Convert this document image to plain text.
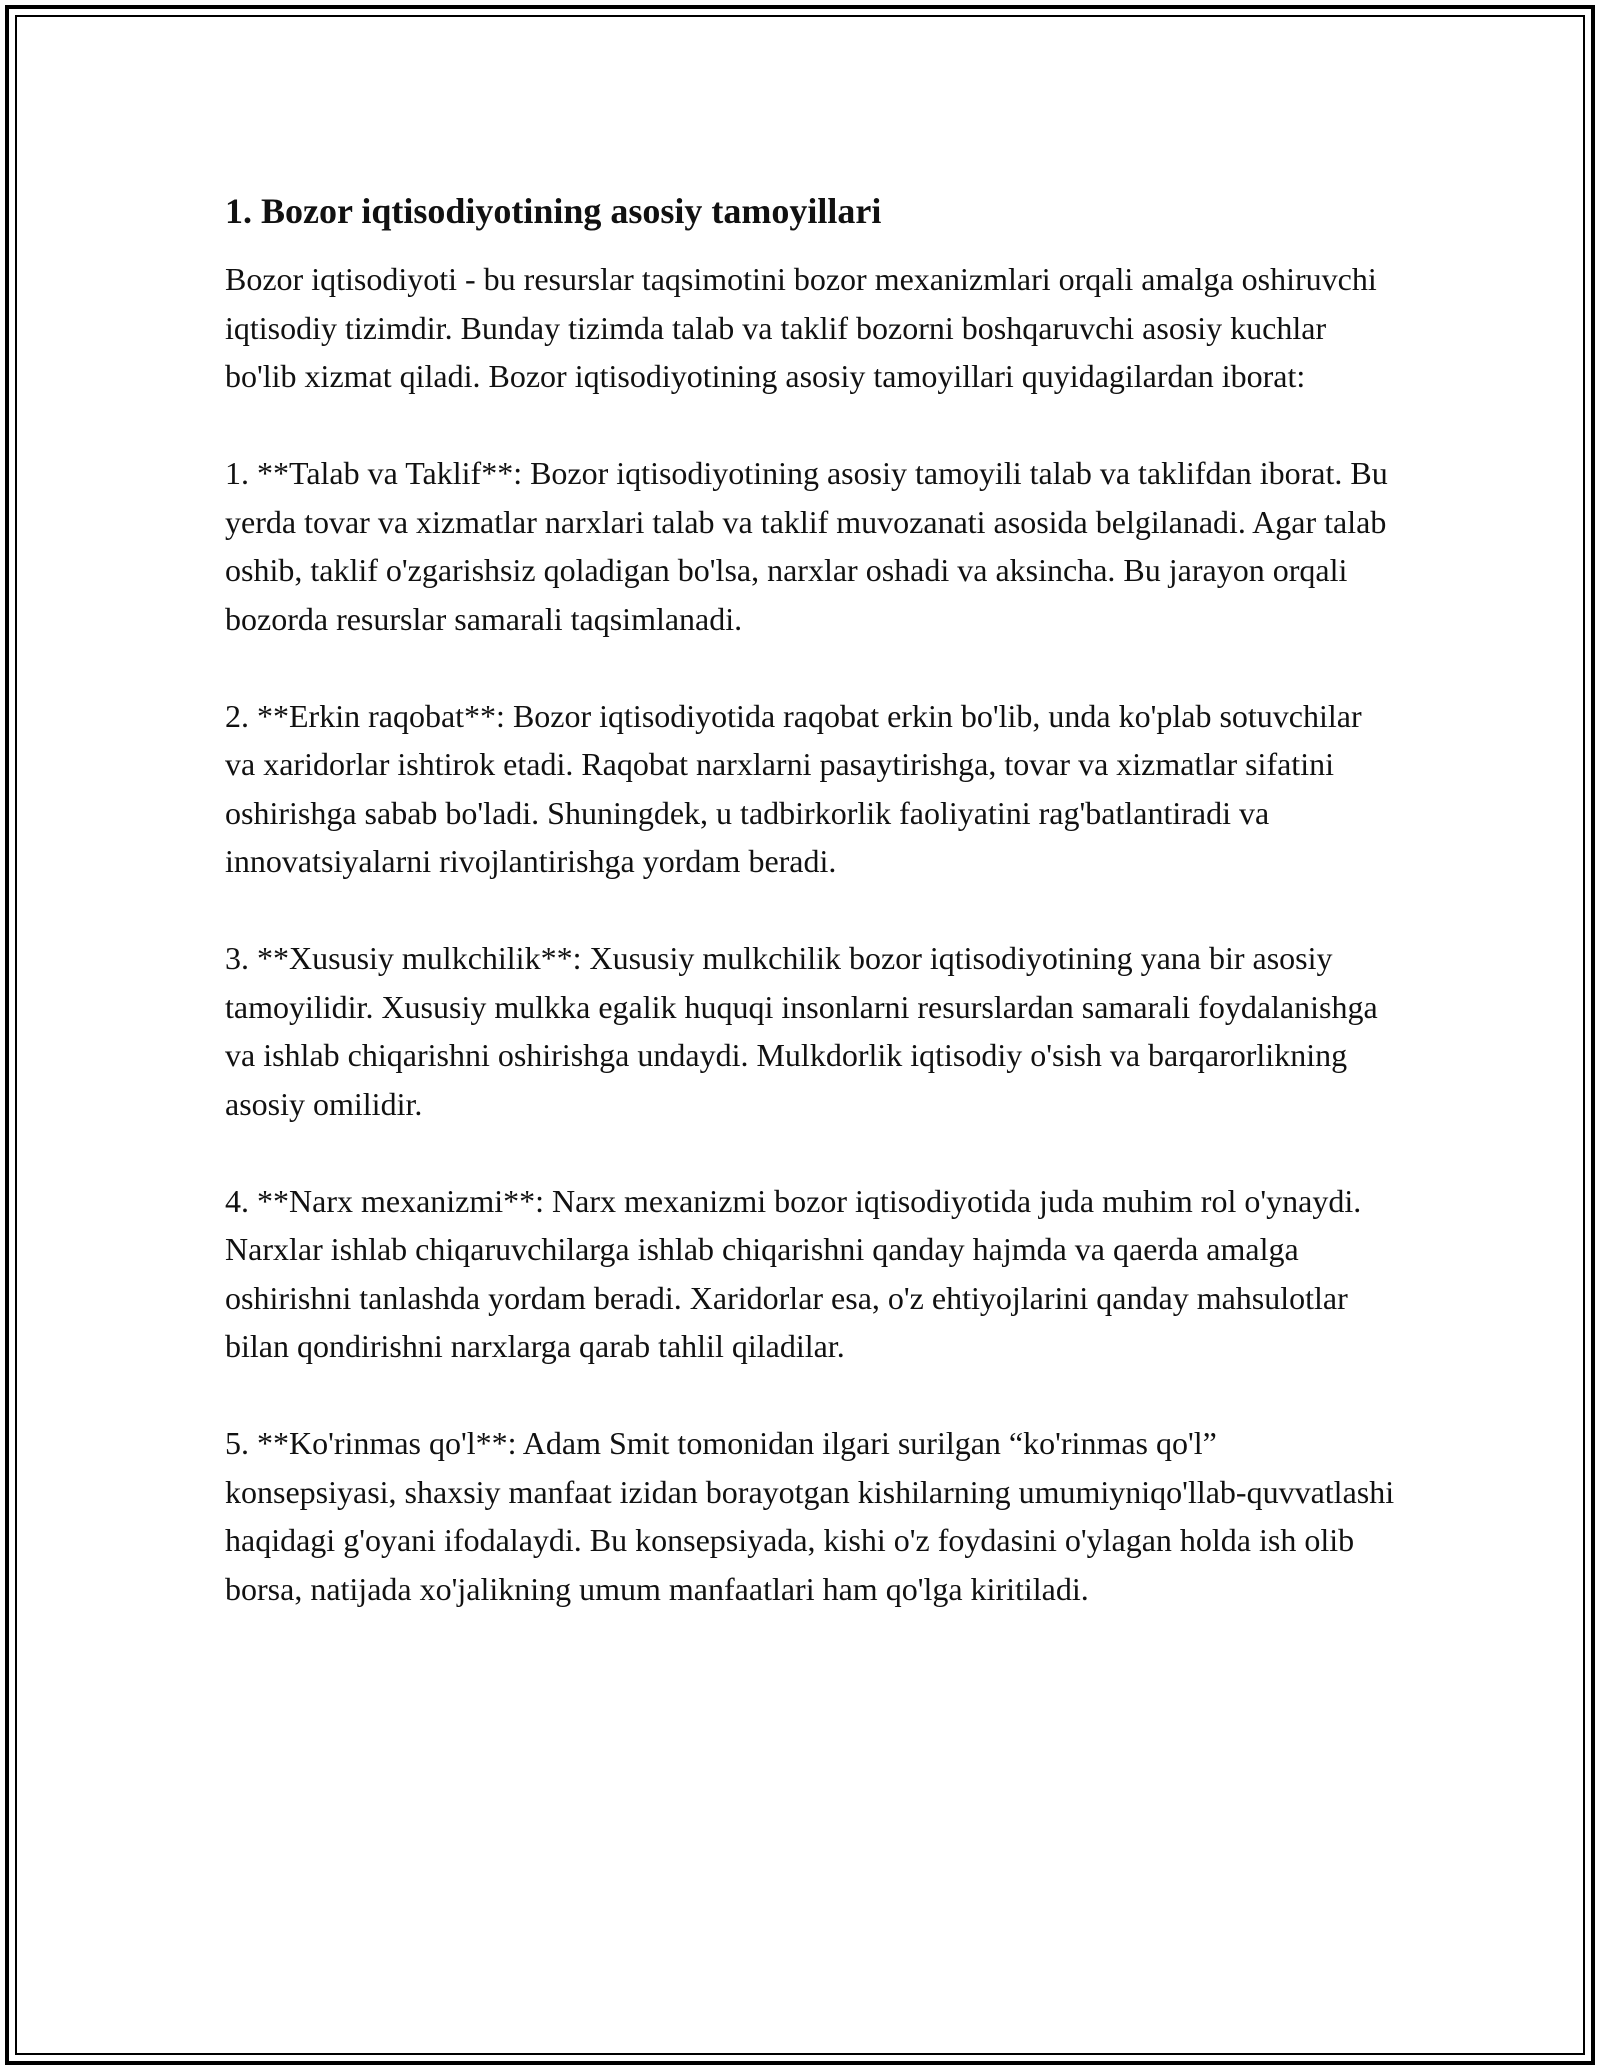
1. Bozor iqtisodiyotining asosiy tamoyillari

Bozor iqtisodiyoti - bu resurslar taqsimotini bozor mexanizmlari orqali amalga oshiruvchi iqtisodiy tizimdir. Bunday tizimda talab va taklif bozorni boshqaruvchi asosiy kuchlar bo'lib xizmat qiladi. Bozor iqtisodiyotining asosiy tamoyillari quyidagilardan iborat:

1. **Talab va Taklif**: Bozor iqtisodiyotining asosiy tamoyili talab va taklifdan iborat. Bu yerda tovar va xizmatlar narxlari talab va taklif muvozanati asosida belgilanadi. Agar talab oshib, taklif o'zgarishsiz qoladigan bo'lsa, narxlar oshadi va aksincha. Bu jarayon orqali bozorda resurslar samarali taqsimlanadi.

2. **Erkin raqobat**: Bozor iqtisodiyotida raqobat erkin bo'lib, unda ko'plab sotuvchilar va xaridorlar ishtirok etadi. Raqobat narxlarni pasaytirishga, tovar va xizmatlar sifatini oshirishga sabab bo'ladi. Shuningdek, u tadbirkorlik faoliyatini rag'batlantiradi va innovatsiyalarni rivojlantirishga yordam beradi.

3. **Xususiy mulkchilik**: Xususiy mulkchilik bozor iqtisodiyotining yana bir asosiy tamoyilidir. Xususiy mulkka egalik huquqi insonlarni resurslardan samarali foydalanishga va ishlab chiqarishni oshirishga undaydi. Mulkdorlik iqtisodiy o'sish va barqarorlikning asosiy omilidir.

4. **Narx mexanizmi**: Narx mexanizmi bozor iqtisodiyotida juda muhim rol o'ynaydi. Narxlar ishlab chiqaruvchilarga ishlab chiqarishni qanday hajmda va qaerda amalga oshirishni tanlashda yordam beradi. Xaridorlar esa, o'z ehtiyojlarini qanday mahsulotlar bilan qondirishni narxlarga qarab tahlil qiladilar.

5. **Ko'rinmas qo'l**: Adam Smit tomonidan ilgari surilgan “ko'rinmas qo'l” konsepsiyasi, shaxsiy manfaat izidan borayotgan kishilarning umumiyniqo'llab-quvvatlashi haqidagi g'oyani ifodalaydi. Bu konsepsiyada, kishi o'z foydasini o'ylagan holda ish olib borsa, natijada xo'jalikning umum manfaatlari ham qo'lga kiritiladi.
